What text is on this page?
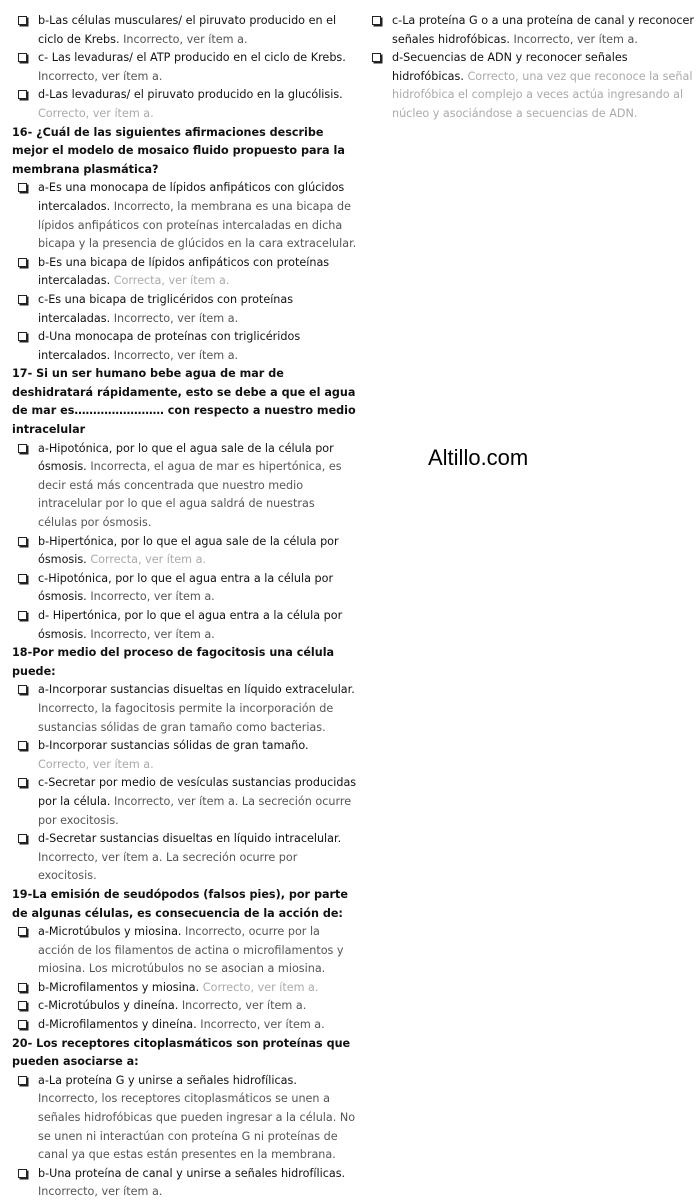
b-Las células musculares/ el piruvato producido en el ciclo de Krebs. Incorrecto, ver ítem a.
c- Las levaduras/ el ATP producido en el ciclo de Krebs. Incorrecto, ver ítem a.
d-Las levaduras/ el piruvato producido en la glucólisis. Correcto, ver ítem a.
16- ¿Cuál de las siguientes afirmaciones describe mejor el modelo de mosaico fluido propuesto para la membrana plasmática?
a-Es una monocapa de lípidos anfipáticos con glúcidos intercalados. Incorrecto, la membrana es una bicapa de lípidos anfipáticos con proteínas intercaladas en dicha bicapa y la presencia de glúcidos en la cara extracelular.
b-Es una bicapa de lípidos anfipáticos con proteínas intercaladas. Correcta, ver ítem a.
c-Es una bicapa de triglicéridos con proteínas intercaladas. Incorrecto, ver ítem a.
d-Una monocapa de proteínas con triglicéridos intercalados. Incorrecto, ver ítem a.
17- Si un ser humano bebe agua de mar de deshidratará rápidamente, esto se debe a que el agua de mar es…………………… con respecto a nuestro medio intracelular
a-Hipotónica, por lo que el agua sale de la célula por ósmosis. Incorrecta, el agua de mar es hipertónica, es decir está más concentrada que nuestro medio intracelular por lo que el agua saldrá de nuestras células por ósmosis.
b-Hipertónica, por lo que el agua sale de la célula por ósmosis. Correcta, ver ítem a.
c-Hipotónica, por lo que el agua entra a la célula por ósmosis. Incorrecto, ver ítem a.
d- Hipertónica, por lo que el agua entra a la célula por ósmosis. Incorrecto, ver ítem a.
18-Por medio del proceso de fagocitosis una célula puede:
a-Incorporar sustancias disueltas en líquido extracelular. Incorrecto, la fagocitosis permite la incorporación de sustancias sólidas de gran tamaño como bacterias.
b-Incorporar sustancias sólidas de gran tamaño. Correcto, ver ítem a.
c-Secretar por medio de vesículas sustancias producidas por la célula. Incorrecto, ver ítem a. La secreción ocurre por exocitosis.
d-Secretar sustancias disueltas en líquido intracelular. Incorrecto, ver ítem a. La secreción ocurre por exocitosis.
19-La emisión de seudópodos (falsos pies), por parte de algunas células, es consecuencia de la acción de:
a-Microtúbulos y miosina. Incorrecto, ocurre por la acción de los filamentos de actina o microfilamentos y miosina. Los microtúbulos no se asocian a miosina.
b-Microfilamentos y miosina. Correcto, ver ítem a.
c-Microtúbulos y dineína. Incorrecto, ver ítem a.
d-Microfilamentos y dineína. Incorrecto, ver ítem a.
20- Los receptores citoplasmáticos son proteínas que pueden asociarse a:
a-La proteína G y unirse a señales hidrofílicas. Incorrecto, los receptores citoplasmáticos se unen a señales hidrofóbicas que pueden ingresar a la célula. No se unen ni interactúan con proteína G ni proteínas de canal ya que estas están presentes en la membrana.
b-Una proteína de canal y unirse a señales hidrofílicas. Incorrecto, ver ítem a.
c-La proteína G o a una proteína de canal y reconocer señales hidrofóbicas. Incorrecto, ver ítem a.
d-Secuencias de ADN y reconocer señales hidrofóbicas. Correcto, una vez que reconoce la señal hidrofóbica el complejo a veces actúa ingresando al núcleo y asociándose a secuencias de ADN.
Altillo.com
